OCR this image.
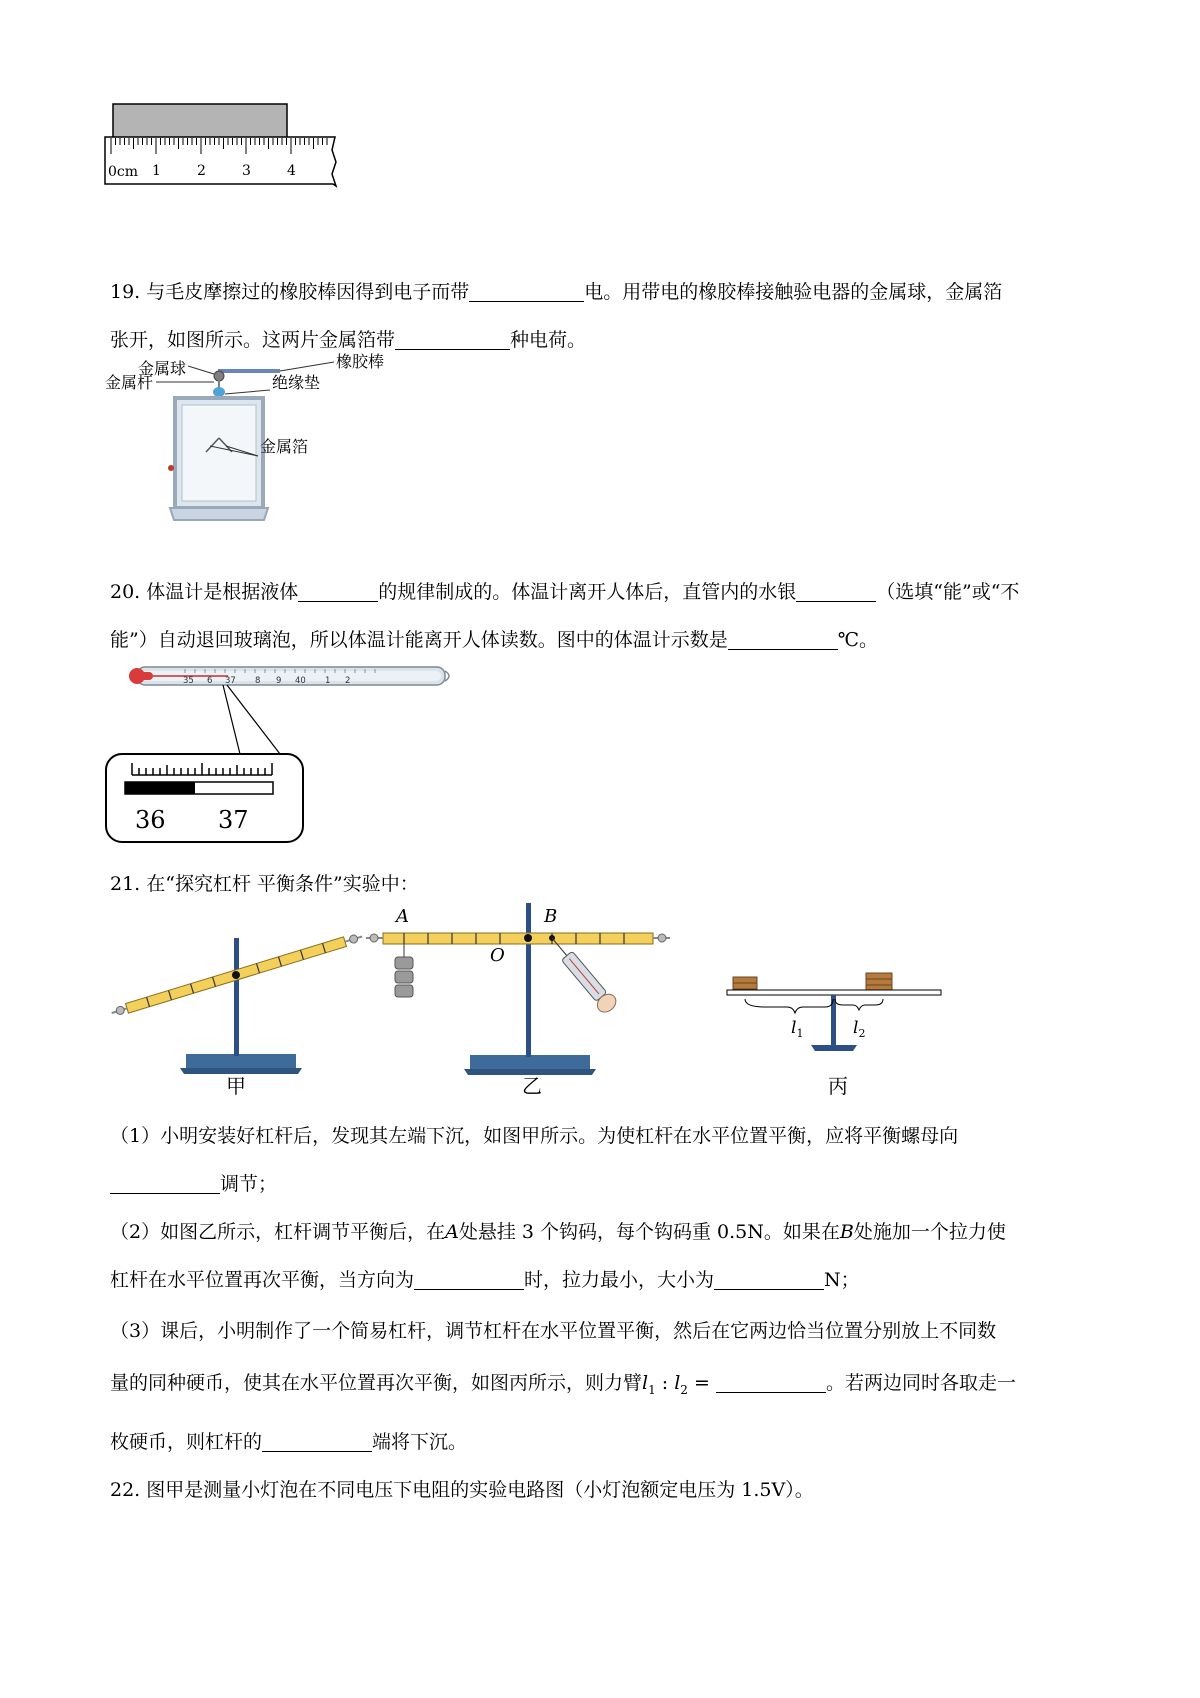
0cm 1	2	3	4
19. 与毛皮摩擦过的橡胶棒因得到电子而带	电。用带电的橡胶棒接触验电器的金属球，金属箔
张开，如图所示。这两片金属箔带	种电荷。
金属球
金属杆
橡胶棒
绝缘垫
金属箔
20. 体温计是根据液体	的规律制成的。体温计离开人体后，直管内的水银	（选填“能”或“不
能”）自动退回玻璃泡，所以体温计能离开人体读数。图中的体温计示数是	℃。
35 6 37 8 9 40 1 2
36 37
21. 在“探究杠杆 平衡条件”实验中：
甲
A	B
O
乙
$l_1$	$l_2$
丙
（1）小明安装好杠杆后，发现其左端下沉，如图甲所示。为使杠杆在水平位置平衡，应将平衡螺母向
调节；
（2）如图乙所示，杠杆调节平衡后，在A处悬挂 3 个钩码，每个钩码重 0.5N。如果在B处施加一个拉力使
杠杆在水平位置再次平衡，当方向为	时，拉力最小，大小为	N；
（3）课后，小明制作了一个简易杠杆，调节杠杆在水平位置平衡，然后在它两边恰当位置分别放上不同数
量的同种硬币，使其在水平位置再次平衡，如图丙所示，则力臂$l_1$ : $l_2$ =	。若两边同时各取走一
枚硬币，则杠杆的	端将下沉。
22. 图甲是测量小灯泡在不同电压下电阻的实验电路图（小灯泡额定电压为 1.5V）。
